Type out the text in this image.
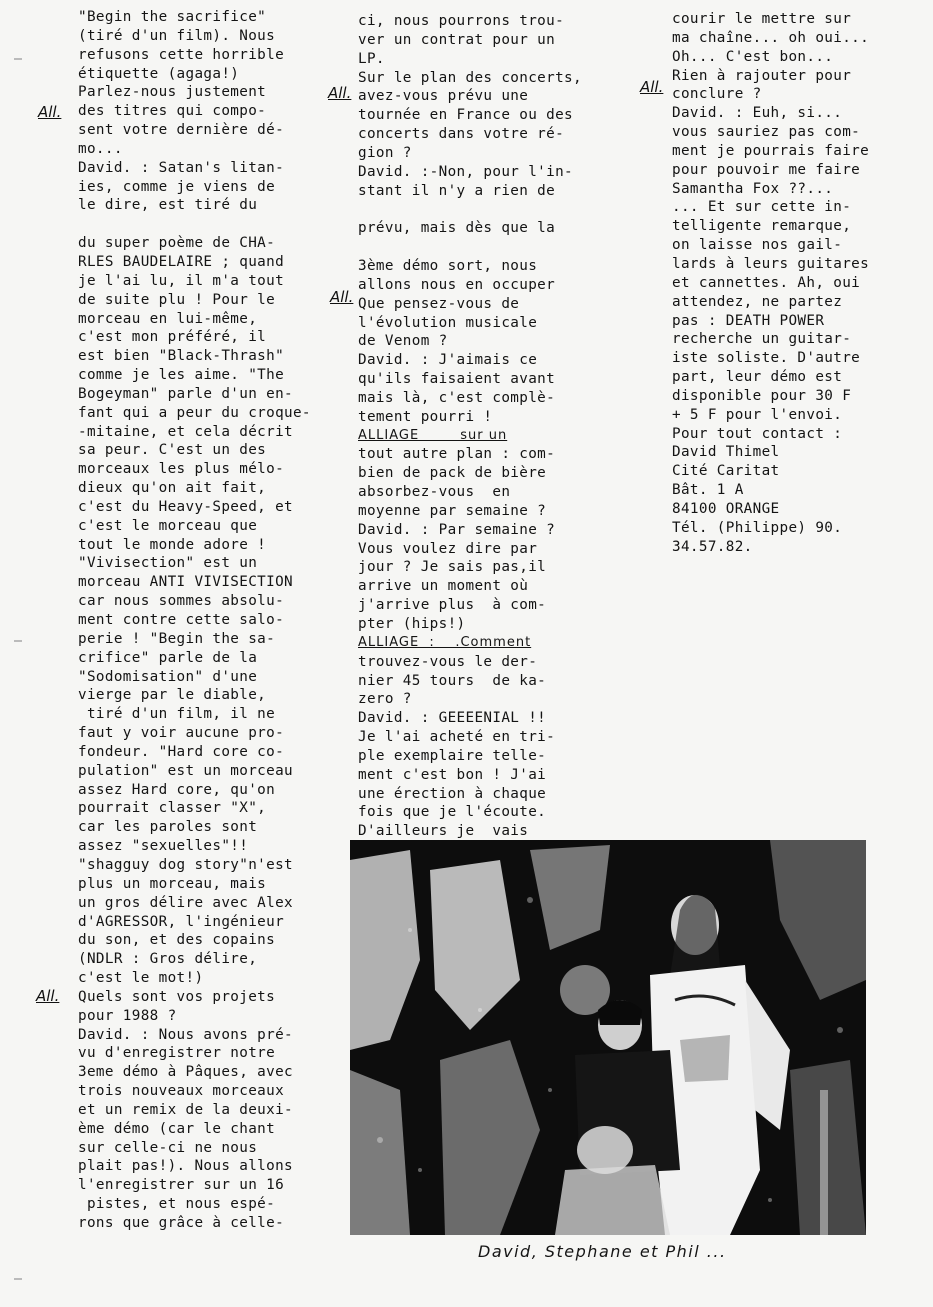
"Begin the sacrifice"
(tiré d'un film). Nous
refusons cette horrible
étiquette (agaga!)
Parlez-nous justement
des titres qui compo-
sent votre dernière dé-
mo...
David. : Satan's litan-
ies, comme je viens de
le dire, est tiré du
du super poème de CHA-
RLES BAUDELAIRE ; quand
je l'ai lu, il m'a tout
de suite plu ! Pour le
morceau en lui-même,
c'est mon préféré, il
est bien "Black-Thrash"
comme je les aime. "The
Bogeyman" parle d'un en-
fant qui a peur du croque-
-mitaine, et cela décrit
sa peur. C'est un des
morceaux les plus mélo-
dieux qu'on ait fait,
c'est du Heavy-Speed, et
c'est le morceau que
tout le monde adore !
"Vivisection" est un
morceau ANTI VIVISECTION
car nous sommes absolu-
ment contre cette salo-
perie ! "Begin the sa-
crifice" parle de la
"Sodomisation" d'une
vierge par le diable,
tiré d'un film, il ne
faut y voir aucune pro-
fondeur. "Hard core co-
pulation" est un morceau
assez Hard core, qu'on
pourrait classer "X",
car les paroles sont
assez "sexuelles"!!
"shagguy dog story"n'est
plus un morceau, mais
un gros délire avec Alex
d'AGRESSOR, l'ingénieur
du son, et des copains
(NDLR : Gros délire,
c'est le mot!)
Quels sont vos projets
pour 1988 ?
David. : Nous avons pré-
vu d'enregistrer notre
3eme démo à Pâques, avec
trois nouveaux morceaux
et un remix de la deuxi-
ème démo (car le chant
sur celle-ci ne nous
plait pas!). Nous allons
l'enregistrer sur un 16
pistes, et nous espé-
rons que grâce à celle-
ci, nous pourrons trou-
ver un contrat pour un
LP.
Sur le plan des concerts,
avez-vous prévu une
tournée en France ou des
concerts dans votre ré-
gion ?
David. :-Non, pour l'in-
stant il n'y a rien de
prévu, mais dès que la
3ème démo sort, nous
allons nous en occuper
Que pensez-vous de
l'évolution musicale
de Venom ?
David. : J'aimais ce
qu'ils faisaient avant
mais là, c'est complè-
tement pourri !
ALLIAGE        sur un
tout autre plan : com-
bien de pack de bière
absorbez-vous  en
moyenne par semaine ?
David. : Par semaine ?
Vous voulez dire par
jour ? Je sais pas,il
arrive un moment où
j'arrive plus  à com-
pter (hips!)
ALLIAGE  :    .Comment
trouvez-vous le der-
nier 45 tours  de ka-
zero ?
David. : GEEEENIAL !!
Je l'ai acheté en tri-
ple exemplaire telle-
ment c'est bon ! J'ai
une érection à chaque
fois que je l'écoute.
D'ailleurs je  vais
courir le mettre sur
ma chaîne... oh oui...
Oh... C'est bon...
Rien à rajouter pour
conclure ?
David. : Euh, si...
vous sauriez pas com-
ment je pourrais faire
pour pouvoir me faire
Samantha Fox ??...
... Et sur cette in-
telligente remarque,
on laisse nos gail-
lards à leurs guitares
et cannettes. Ah, oui
attendez, ne partez
pas : DEATH POWER
recherche un guitar-
iste soliste. D'autre
part, leur démo est
disponible pour 30 F
+ 5 F pour l'envoi.
Pour tout contact :
David Thimel
Cité Caritat
Bât. 1 A
84100 ORANGE
Tél. (Philippe) 90.
34.57.82.
All.
All.
All.
All.
All.
David, Stephane et Phil ...
